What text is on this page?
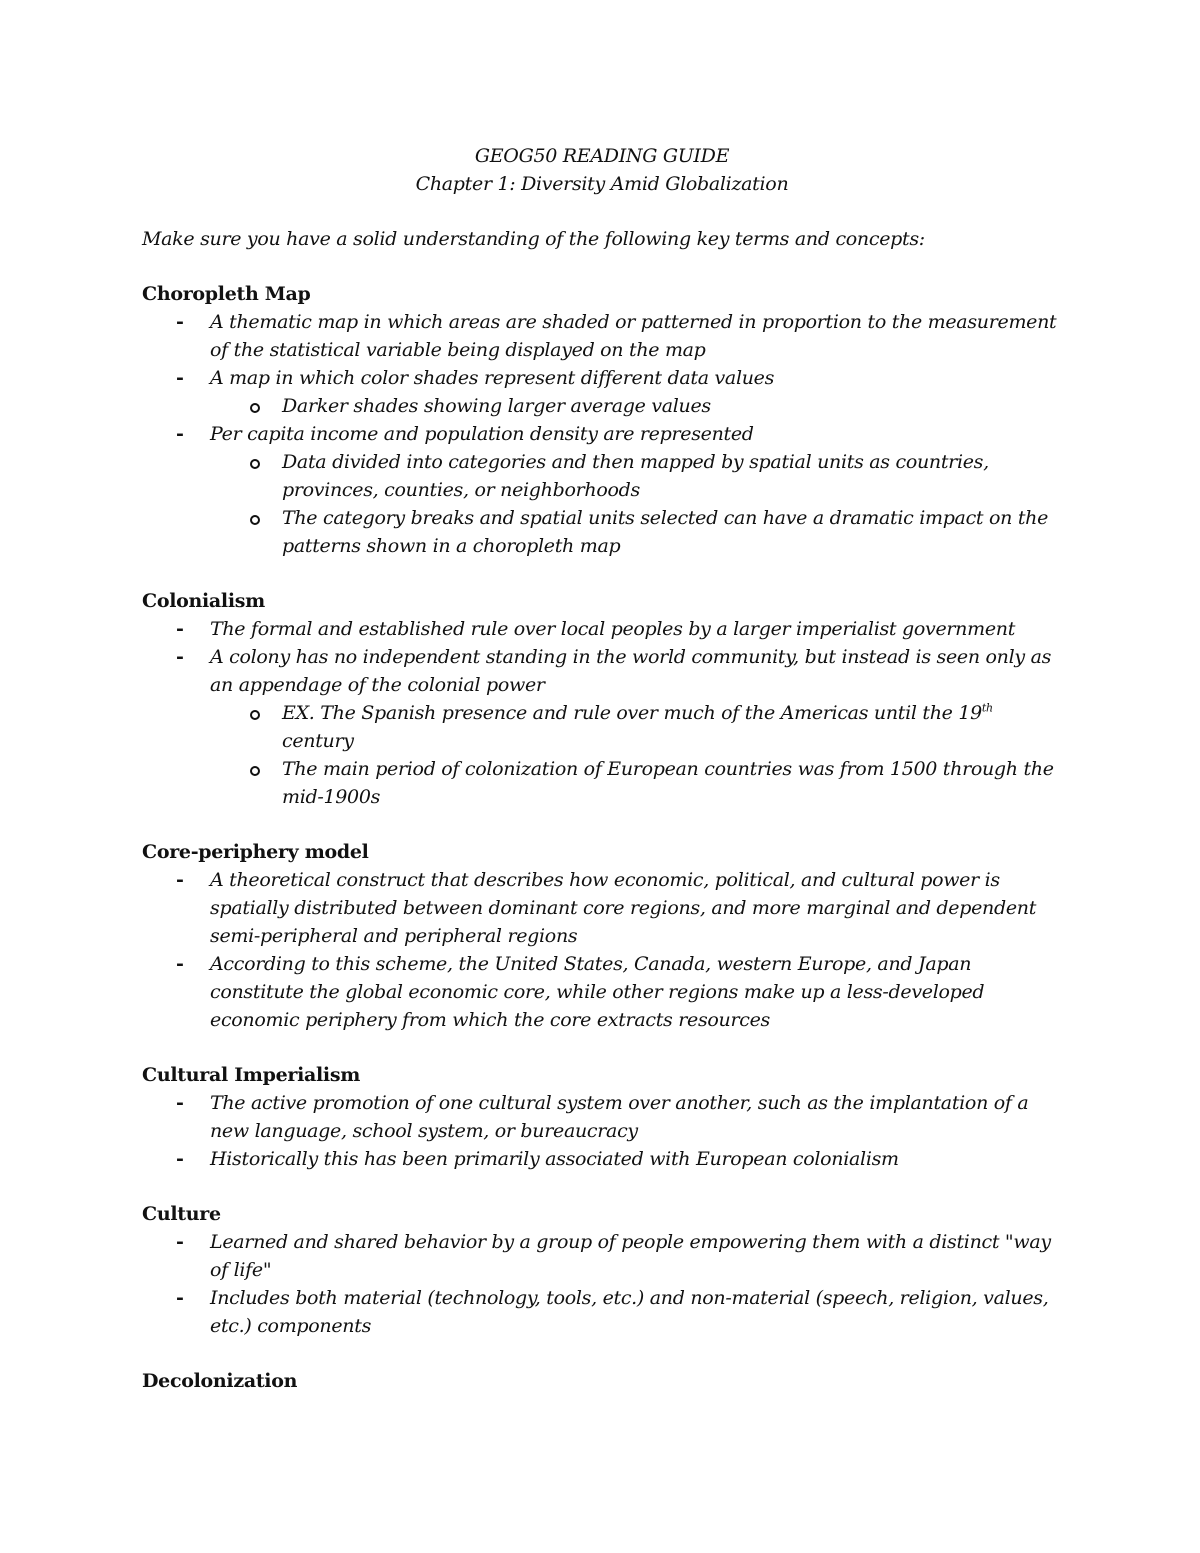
GEOG50 READING GUIDE
Chapter 1: Diversity Amid Globalization
Make sure you have a solid understanding of the following key terms and concepts:
Choropleth Map
- A thematic map in which areas are shaded or patterned in proportion to the measurement of the statistical variable being displayed on the map
- A map in which color shades represent different data values
Darker shades showing larger average values
- Per capita income and population density are represented
Data divided into categories and then mapped by spatial units as countries, provinces, counties, or neighborhoods
The category breaks and spatial units selected can have a dramatic impact on the patterns shown in a choropleth map
Colonialism
- The formal and established rule over local peoples by a larger imperialist government
- A colony has no independent standing in the world community, but instead is seen only as an appendage of the colonial power
EX. The Spanish presence and rule over much of the Americas until the 19th century
The main period of colonization of European countries was from 1500 through the mid-1900s
Core-periphery model
- A theoretical construct that describes how economic, political, and cultural power is spatially distributed between dominant core regions, and more marginal and dependent semi-peripheral and peripheral regions
- According to this scheme, the United States, Canada, western Europe, and Japan constitute the global economic core, while other regions make up a less-developed economic periphery from which the core extracts resources
Cultural Imperialism
- The active promotion of one cultural system over another, such as the implantation of a new language, school system, or bureaucracy
- Historically this has been primarily associated with European colonialism
Culture
- Learned and shared behavior by a group of people empowering them with a distinct "way of life"
- Includes both material (technology, tools, etc.) and non-material (speech, religion, values, etc.) components
Decolonization
